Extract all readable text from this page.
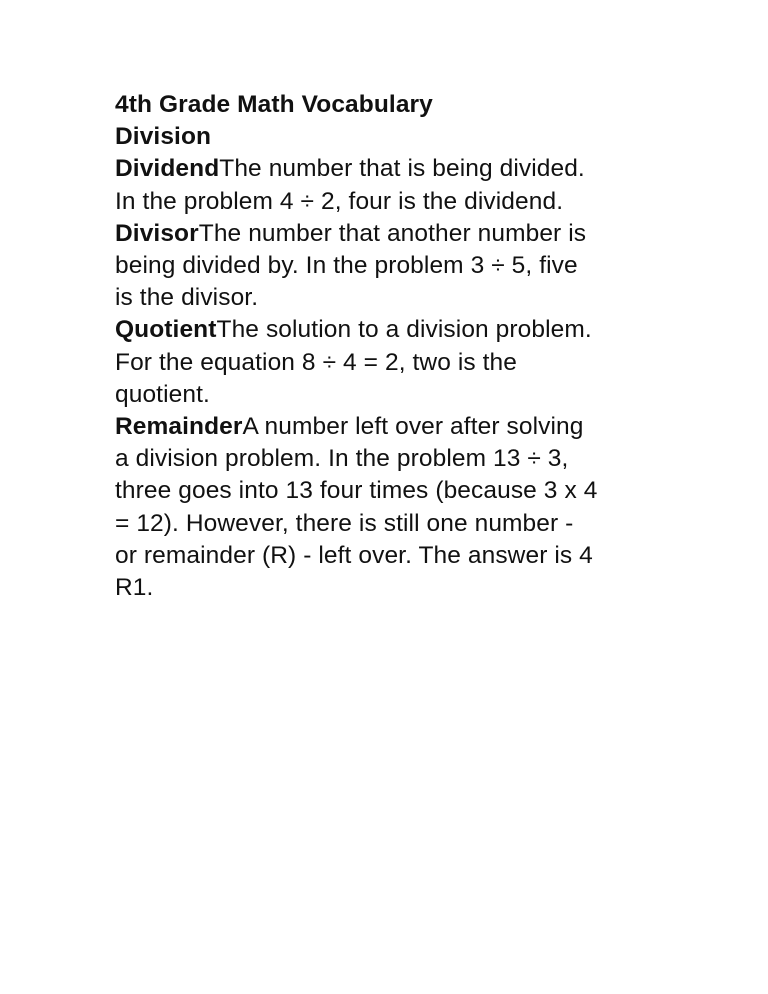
4th Grade Math Vocabulary
Division
DividendThe number that is being divided.
In the problem 4 ÷ 2, four is the dividend.
DivisorThe number that another number is
being divided by. In the problem 3 ÷ 5, five
is the divisor.
QuotientThe solution to a division problem.
For the equation 8 ÷ 4 = 2, two is the
quotient.
RemainderA number left over after solving
a division problem. In the problem 13 ÷ 3,
three goes into 13 four times (because 3 x 4
= 12). However, there is still one number -
or remainder (R) - left over. The answer is 4
R1.
